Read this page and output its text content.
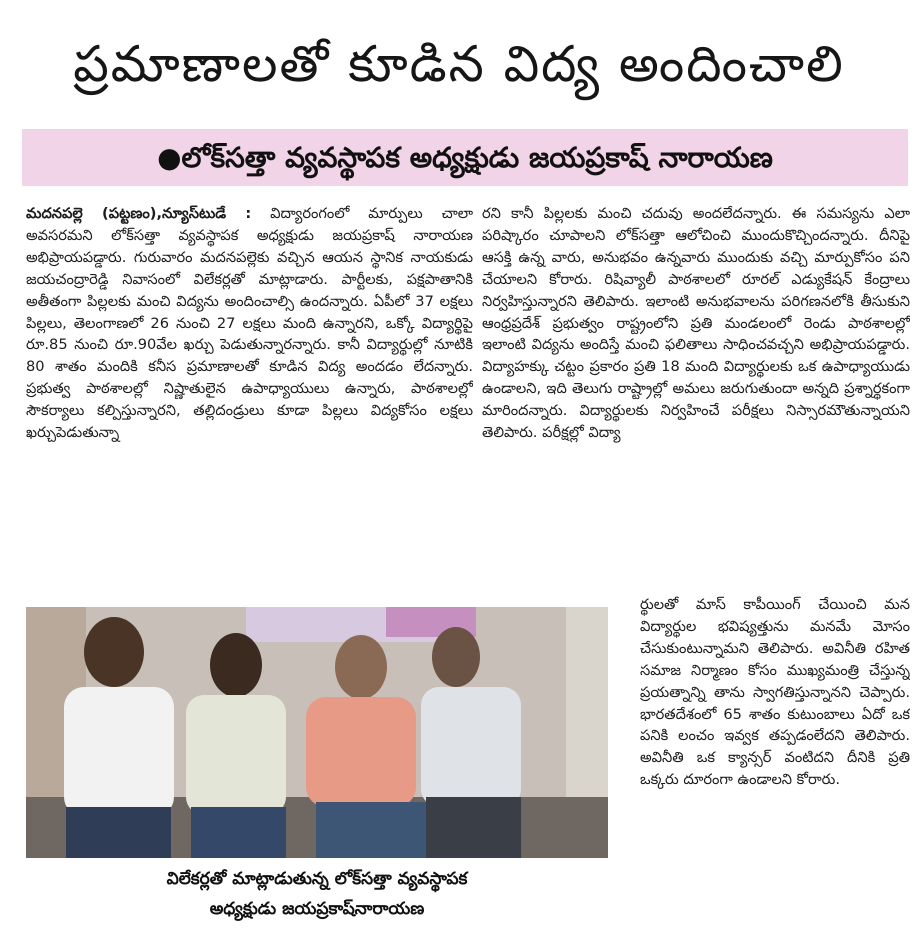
ప్రమాణాలతో కూడిన విద్య అందించాలి
●లోక్‌సత్తా వ్యవస్థాపక అధ్యక్షుడు జయప్రకాష్ నారాయణ

మదనపల్లె (పట్టణం),న్యూస్‌టుడే : విద్యారంగంలో మార్పులు చాలా అవసరమని లోక్‌సత్తా వ్యవస్థాపక అధ్యక్షుడు జయప్రకాష్ నారాయణ అభిప్రాయపడ్డారు. గురువారం మదనపల్లెకు వచ్చిన ఆయన స్థానిక నాయకుడు జయచంద్రారెడ్డి నివాసంలో విలేకర్లతో మాట్లాడారు. పార్టీలకు, పక్షపాతానికి అతీతంగా పిల్లలకు మంచి విద్యను అందించాల్సి ఉందన్నారు. ఏపీలో 37 లక్షలు పిల్లలు, తెలంగాణలో 26 నుంచి 27 లక్షలు మంది ఉన్నారని, ఒక్కో విద్యార్థిపై రూ.85 నుంచి రూ.90వేల ఖర్చు పెడుతున్నారన్నారు. కానీ విద్యార్థుల్లో నూటికి 80 శాతం మందికి కనీస ప్రమాణాలతో కూడిన విద్య అందడం లేదన్నారు. ప్రభుత్వ పాఠశాలల్లో నిష్ణాతులైన ఉపాధ్యాయులు ఉన్నారు, పాఠశాలల్లో సౌకర్యాలు కల్పిస్తున్నారని, తల్లిదండ్రులు కూడా పిల్లలు విద్యకోసం లక్షలు ఖర్చుపెడుతున్నా

రని కానీ పిల్లలకు మంచి చదువు అందలేదన్నారు. ఈ సమస్యను ఎలా పరిష్కారం చూపాలని లోక్‌సత్తా ఆలోచించి ముందుకొచ్చిందన్నారు. దీనిపై ఆసక్తి ఉన్న వారు, అనుభవం ఉన్నవారు ముందుకు వచ్చి మార్పుకోసం పని చేయాలని కోరారు. రిషివ్యాలీ పాఠశాలలో రూరల్ ఎడ్యుకేషన్ కేంద్రాలు నిర్వహిస్తున్నారని తెలిపారు. ఇలాంటి అనుభవాలను పరిగణనలోకి తీసుకుని ఆంధ్రప్రదేశ్ ప్రభుత్వం రాష్ట్రంలోని ప్రతి మండలంలో రెండు పాఠశాలల్లో ఇలాంటి విద్యను అందిస్తే మంచి ఫలితాలు సాధించవచ్చని అభిప్రాయపడ్డారు. విద్యాహక్కు చట్టం ప్రకారం ప్రతి 18 మంది విద్యార్థులకు ఒక ఉపాధ్యాయుడు ఉండాలని, ఇది తెలుగు రాష్ట్రాల్లో అమలు జరుగుతుందా అన్నది ప్రశ్నార్థకంగా మారిందన్నారు. విద్యార్థులకు నిర్వహించే పరీక్షలు నిస్సారమౌతున్నాయని తెలిపారు. పరీక్షల్లో విద్యా

విలేకర్లతో మాట్లాడుతున్న లోక్‌సత్తా వ్యవస్థాపక
అధ్యక్షుడు జయప్రకాష్‌నారాయణ

ర్థులతో మాస్ కాపీయింగ్ చేయించి మన విద్యార్థుల భవిష్యత్తును మనమే మోసం చేసుకుంటున్నామని తెలిపారు. అవినీతి రహిత సమాజ నిర్మాణం కోసం ముఖ్యమంత్రి చేస్తున్న ప్రయత్నాన్ని తాను స్వాగతిస్తున్నానని చెప్పారు. భారతదేశంలో 65 శాతం కుటుంబాలు ఏదో ఒక పనికి లంచం ఇవ్వక తప్పడంలేదని తెలిపారు. అవినీతి ఒక క్యాన్సర్ వంటిదని దీనికి ప్రతి ఒక్కరు దూరంగా ఉండాలని కోరారు.
